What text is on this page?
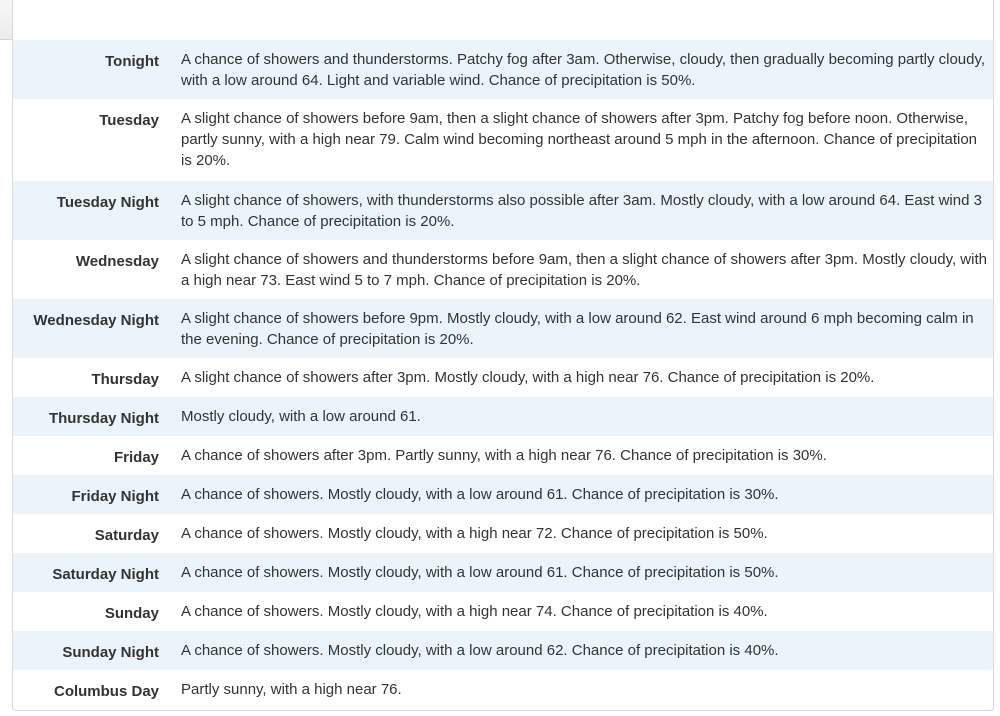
Tonight A chance of showers and thunderstorms. Patchy fog after 3am. Otherwise, cloudy, then gradually becoming partly cloudy, with a low around 64. Light and variable wind. Chance of precipitation is 50%.
Tuesday A slight chance of showers before 9am, then a slight chance of showers after 3pm. Patchy fog before noon. Otherwise, partly sunny, with a high near 79. Calm wind becoming northeast around 5 mph in the afternoon. Chance of precipitation is 20%.
Tuesday Night A slight chance of showers, with thunderstorms also possible after 3am. Mostly cloudy, with a low around 64. East wind 3 to 5 mph. Chance of precipitation is 20%.
Wednesday A slight chance of showers and thunderstorms before 9am, then a slight chance of showers after 3pm. Mostly cloudy, with a high near 73. East wind 5 to 7 mph. Chance of precipitation is 20%.
Wednesday Night A slight chance of showers before 9pm. Mostly cloudy, with a low around 62. East wind around 6 mph becoming calm in the evening. Chance of precipitation is 20%.
Thursday A slight chance of showers after 3pm. Mostly cloudy, with a high near 76. Chance of precipitation is 20%.
Thursday Night Mostly cloudy, with a low around 61.
Friday A chance of showers after 3pm. Partly sunny, with a high near 76. Chance of precipitation is 30%.
Friday Night A chance of showers. Mostly cloudy, with a low around 61. Chance of precipitation is 30%.
Saturday A chance of showers. Mostly cloudy, with a high near 72. Chance of precipitation is 50%.
Saturday Night A chance of showers. Mostly cloudy, with a low around 61. Chance of precipitation is 50%.
Sunday A chance of showers. Mostly cloudy, with a high near 74. Chance of precipitation is 40%.
Sunday Night A chance of showers. Mostly cloudy, with a low around 62. Chance of precipitation is 40%.
Columbus Day Partly sunny, with a high near 76.
